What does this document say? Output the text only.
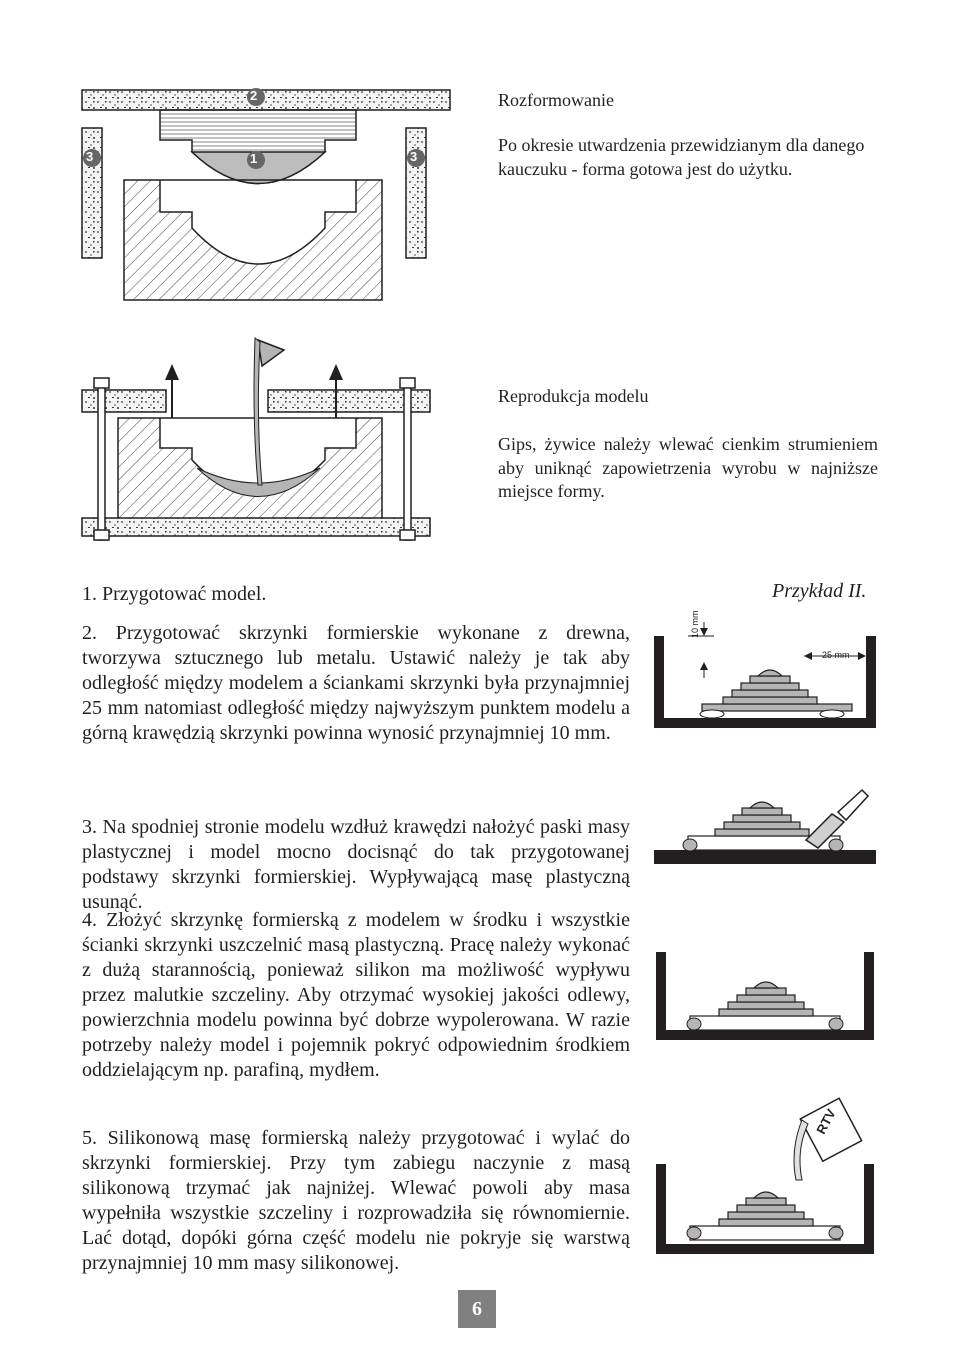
2
1
3	3
Rozformowanie
Po okresie utwardzenia przewidzianym dla danego kauczuku - forma gotowa jest do użytku.
Reprodukcja modelu
Gips, żywice należy wlewać cienkim strumieniem aby uniknąć zapowietrzenia wyrobu w najniższe miejsce formy.
Przykład II.
1. Przygotować model.
2. Przygotować skrzynki formierskie wykonane z drewna, tworzywa sztucznego lub metalu. Ustawić należy je tak aby odległość między modelem a ściankami skrzynki była przynajmniej 25 mm natomiast odległość między najwyższym punktem modelu a górną krawędzią skrzynki powinna wynosić przynajmniej 10 mm.
3. Na spodniej stronie modelu wzdłuż krawędzi nałożyć paski masy plastycznej i model mocno docisnąć do tak przygotowanej podstawy skrzynki formierskiej. Wypływającą masę plastyczną usunąć.
4. Złożyć skrzynkę formierską z modelem w środku i wszystkie ścianki skrzynki uszczelnić masą plastyczną. Pracę należy wykonać z dużą starannością, ponieważ silikon ma możliwość wypływu przez malutkie szczeliny. Aby otrzymać wysokiej jakości odlewy, powierzchnia modelu powinna być dobrze wypolerowana. W razie potrzeby należy model i pojemnik pokryć odpowiednim środkiem oddzielającym np. parafiną, mydłem.
5. Silikonową masę formierską należy przygotować i wylać do skrzynki formierskiej. Przy tym zabiegu naczynie z masą silikonową trzymać jak najniżej. Wlewać powoli aby masa wypełniła wszystkie szczeliny i rozprowadziła się równomiernie. Lać dotąd, dopóki górna część modelu nie pokryje się warstwą przynajmniej 10 mm masy silikonowej.
10 mm
25 mm
RTV
6
